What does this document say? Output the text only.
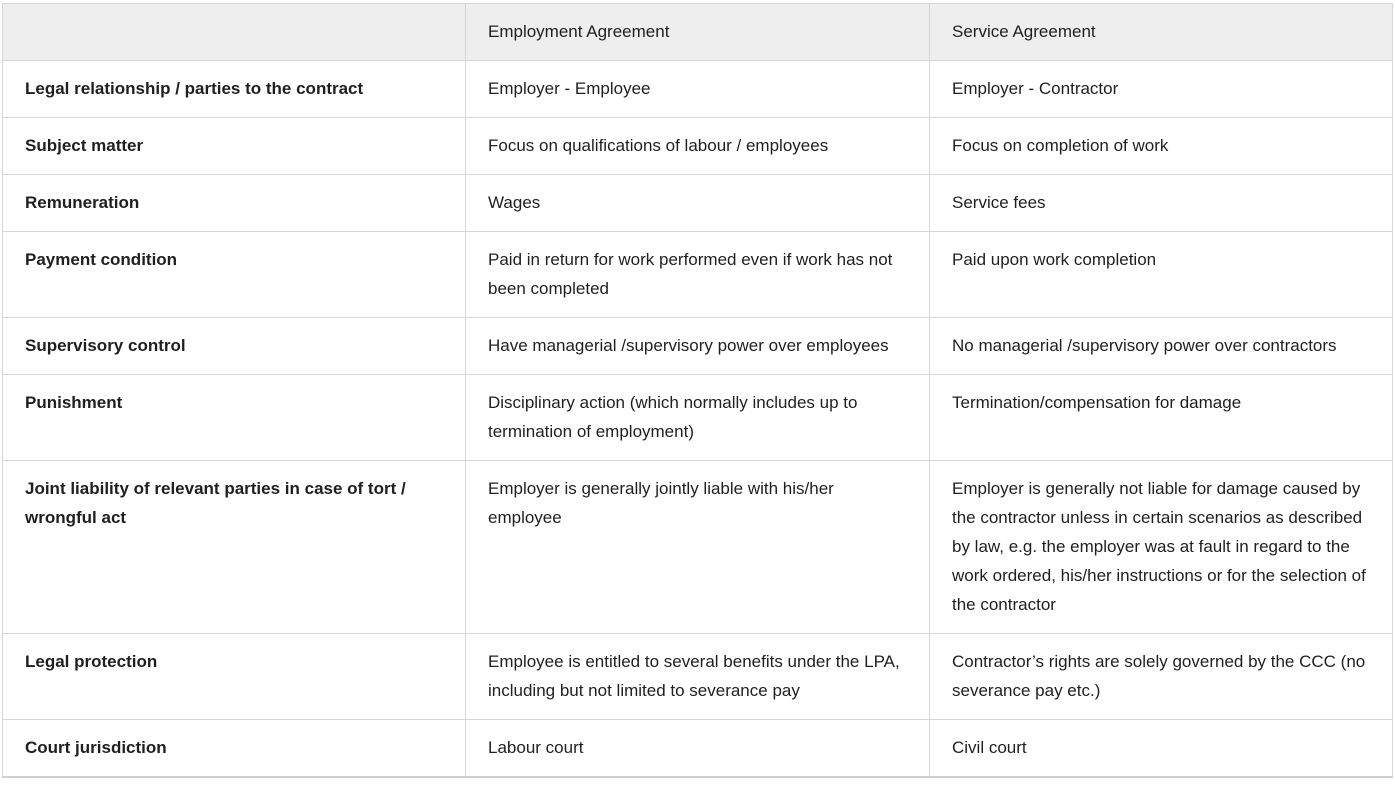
	Employment Agreement	Service Agreement
Legal relationship / parties to the contract	Employer - Employee	Employer - Contractor
Subject matter	Focus on qualifications of labour / employees	Focus on completion of work
Remuneration	Wages	Service fees
Payment condition	Paid in return for work performed even if work has not been completed	Paid upon work completion
Supervisory control	Have managerial /supervisory power over employees	No managerial /supervisory power over contractors
Punishment	Disciplinary action (which normally includes up to termination of employment)	Termination/compensation for damage
Joint liability of relevant parties in case of tort / wrongful act	Employer is generally jointly liable with his/her employee	Employer is generally not liable for damage caused by the contractor unless in certain scenarios as described by law, e.g. the employer was at fault in regard to the work ordered, his/her instructions or for the selection of the contractor
Legal protection	Employee is entitled to several benefits under the LPA, including but not limited to severance pay	Contractor’s rights are solely governed by the CCC (no severance pay etc.)
Court jurisdiction	Labour court	Civil court
